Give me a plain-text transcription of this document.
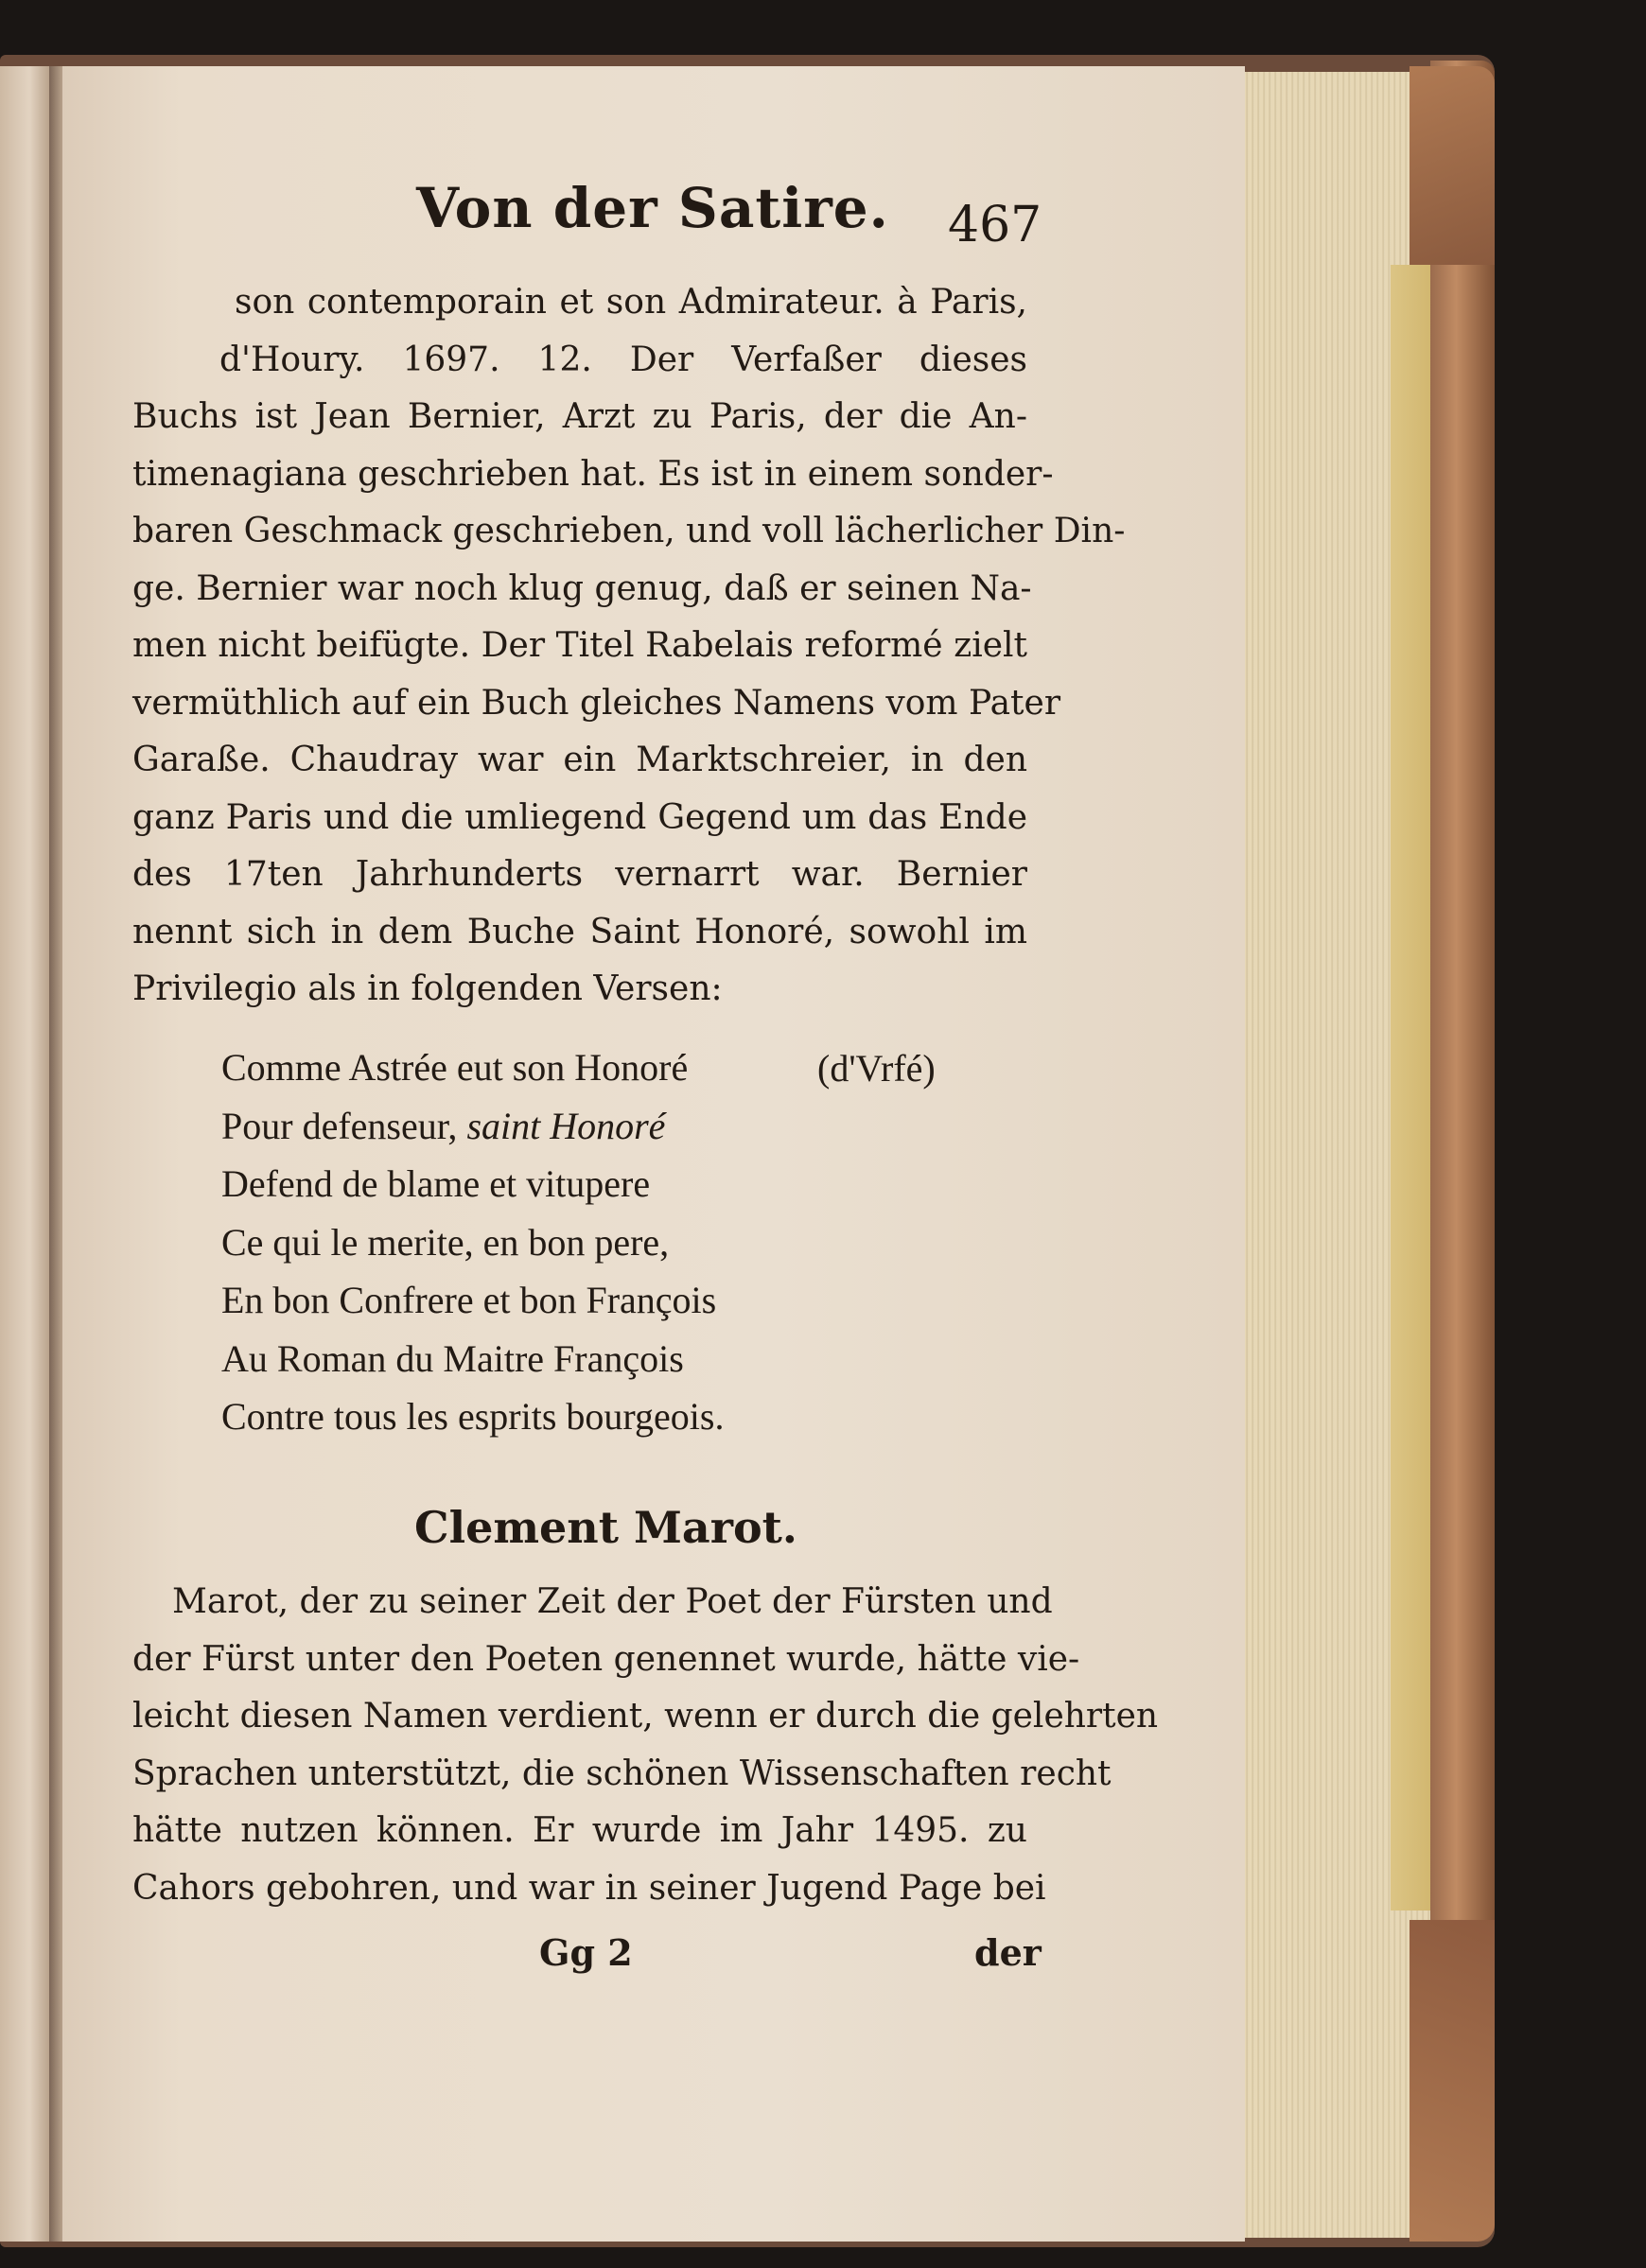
Von der Satire. 467

son contemporain et son Admirateur. à Paris,
d'Houry. 1697. 12. Der Verfaßer dieses
Buchs ist Jean Bernier, Arzt zu Paris, der die An-
timenagiana geschrieben hat. Es ist in einem sonder-
baren Geschmack geschrieben, und voll lächerlicher Din-
ge. Bernier war noch klug genug, daß er seinen Na-
men nicht beifügte. Der Titel Rabelais reformé zielt
vermüthlich auf ein Buch gleiches Namens vom Pater
Garaße. Chaudray war ein Marktschreier, in den
ganz Paris und die umliegend Gegend um das Ende
des 17ten Jahrhunderts vernarrt war. Bernier
nennt sich in dem Buche Saint Honoré, sowohl im
Privilegio als in folgenden Versen:

Comme Astrée eut son Honoré
Pour defenseur, saint Honoré
Defend de blame et vitupere
Ce qui le merite, en bon pere,
En bon Confrere et bon François
Au Roman du Maitre François
Contre tous les esprits bourgeois.
(d'Vrfé)
Clement Marot.

Marot, der zu seiner Zeit der Poet der Fürsten und
der Fürst unter den Poeten genennet wurde, hätte vie-
leicht diesen Namen verdient, wenn er durch die gelehrten
Sprachen unterstützt, die schönen Wissenschaften recht
hätte nutzen können. Er wurde im Jahr 1495. zu
Cahors gebohren, und war in seiner Jugend Page bei

Gg 2	der
